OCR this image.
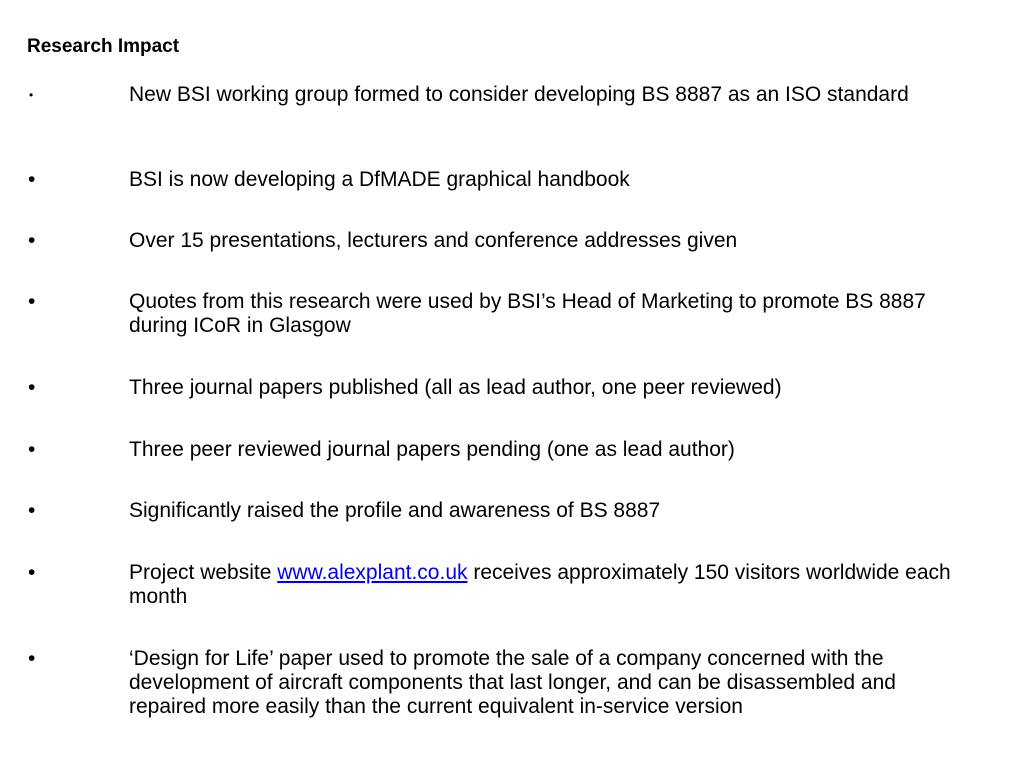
Research Impact
•	New BSI working group formed to consider developing BS 8887 as an ISO standard
•	BSI is now developing a DfMADE graphical handbook
•	Over 15 presentations, lecturers and conference addresses given
•	Quotes from this research were used by BSI’s Head of Marketing to promote BS 8887 during ICoR in Glasgow
•	Three journal papers published (all as lead author, one peer reviewed)
•	Three peer reviewed journal papers pending (one as lead author)
•	Significantly raised the profile and awareness of BS 8887
•	Project website www.alexplant.co.uk receives approximately 150 visitors worldwide each month
•	‘Design for Life’ paper used to promote the sale of a company concerned with the development of aircraft components that last longer, and can be disassembled and repaired more easily than the current equivalent in-service version
